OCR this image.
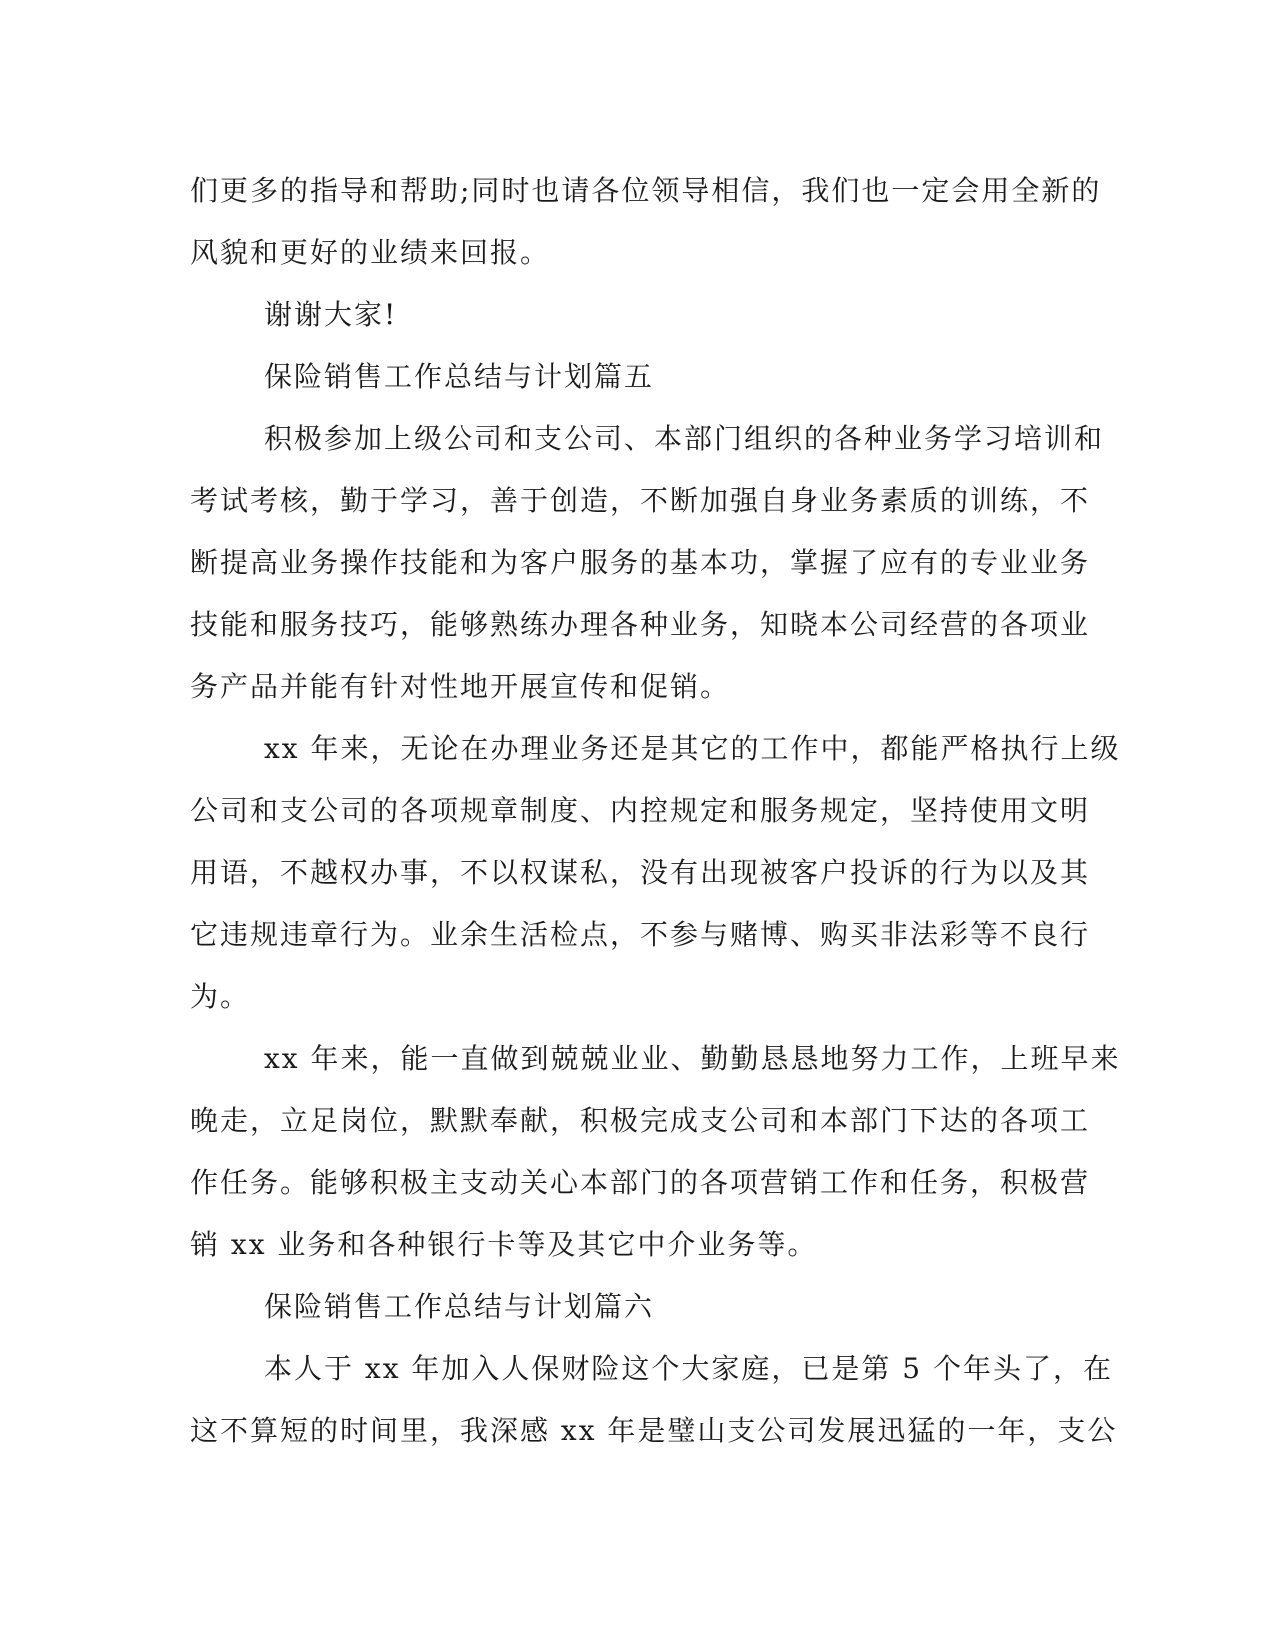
们更多的指导和帮助;同时也请各位领导相信，我们也一定会用全新的
风貌和更好的业绩来回报。
谢谢大家!
保险销售工作总结与计划篇五
积极参加上级公司和支公司、本部门组织的各种业务学习培训和
考试考核，勤于学习，善于创造，不断加强自身业务素质的训练，不
断提高业务操作技能和为客户服务的基本功，掌握了应有的专业业务
技能和服务技巧，能够熟练办理各种业务，知晓本公司经营的各项业
务产品并能有针对性地开展宣传和促销。
xx 年来，无论在办理业务还是其它的工作中，都能严格执行上级
公司和支公司的各项规章制度、内控规定和服务规定，坚持使用文明
用语，不越权办事，不以权谋私，没有出现被客户投诉的行为以及其
它违规违章行为。业余生活检点，不参与赌博、购买非法彩等不良行
为。
xx 年来，能一直做到兢兢业业、勤勤恳恳地努力工作，上班早来
晚走，立足岗位，默默奉献，积极完成支公司和本部门下达的各项工
作任务。能够积极主支动关心本部门的各项营销工作和任务，积极营
销 xx 业务和各种银行卡等及其它中介业务等。
保险销售工作总结与计划篇六
本人于 xx 年加入人保财险这个大家庭，已是第 5 个年头了，在
这不算短的时间里，我深感 xx 年是璧山支公司发展迅猛的一年，支公
